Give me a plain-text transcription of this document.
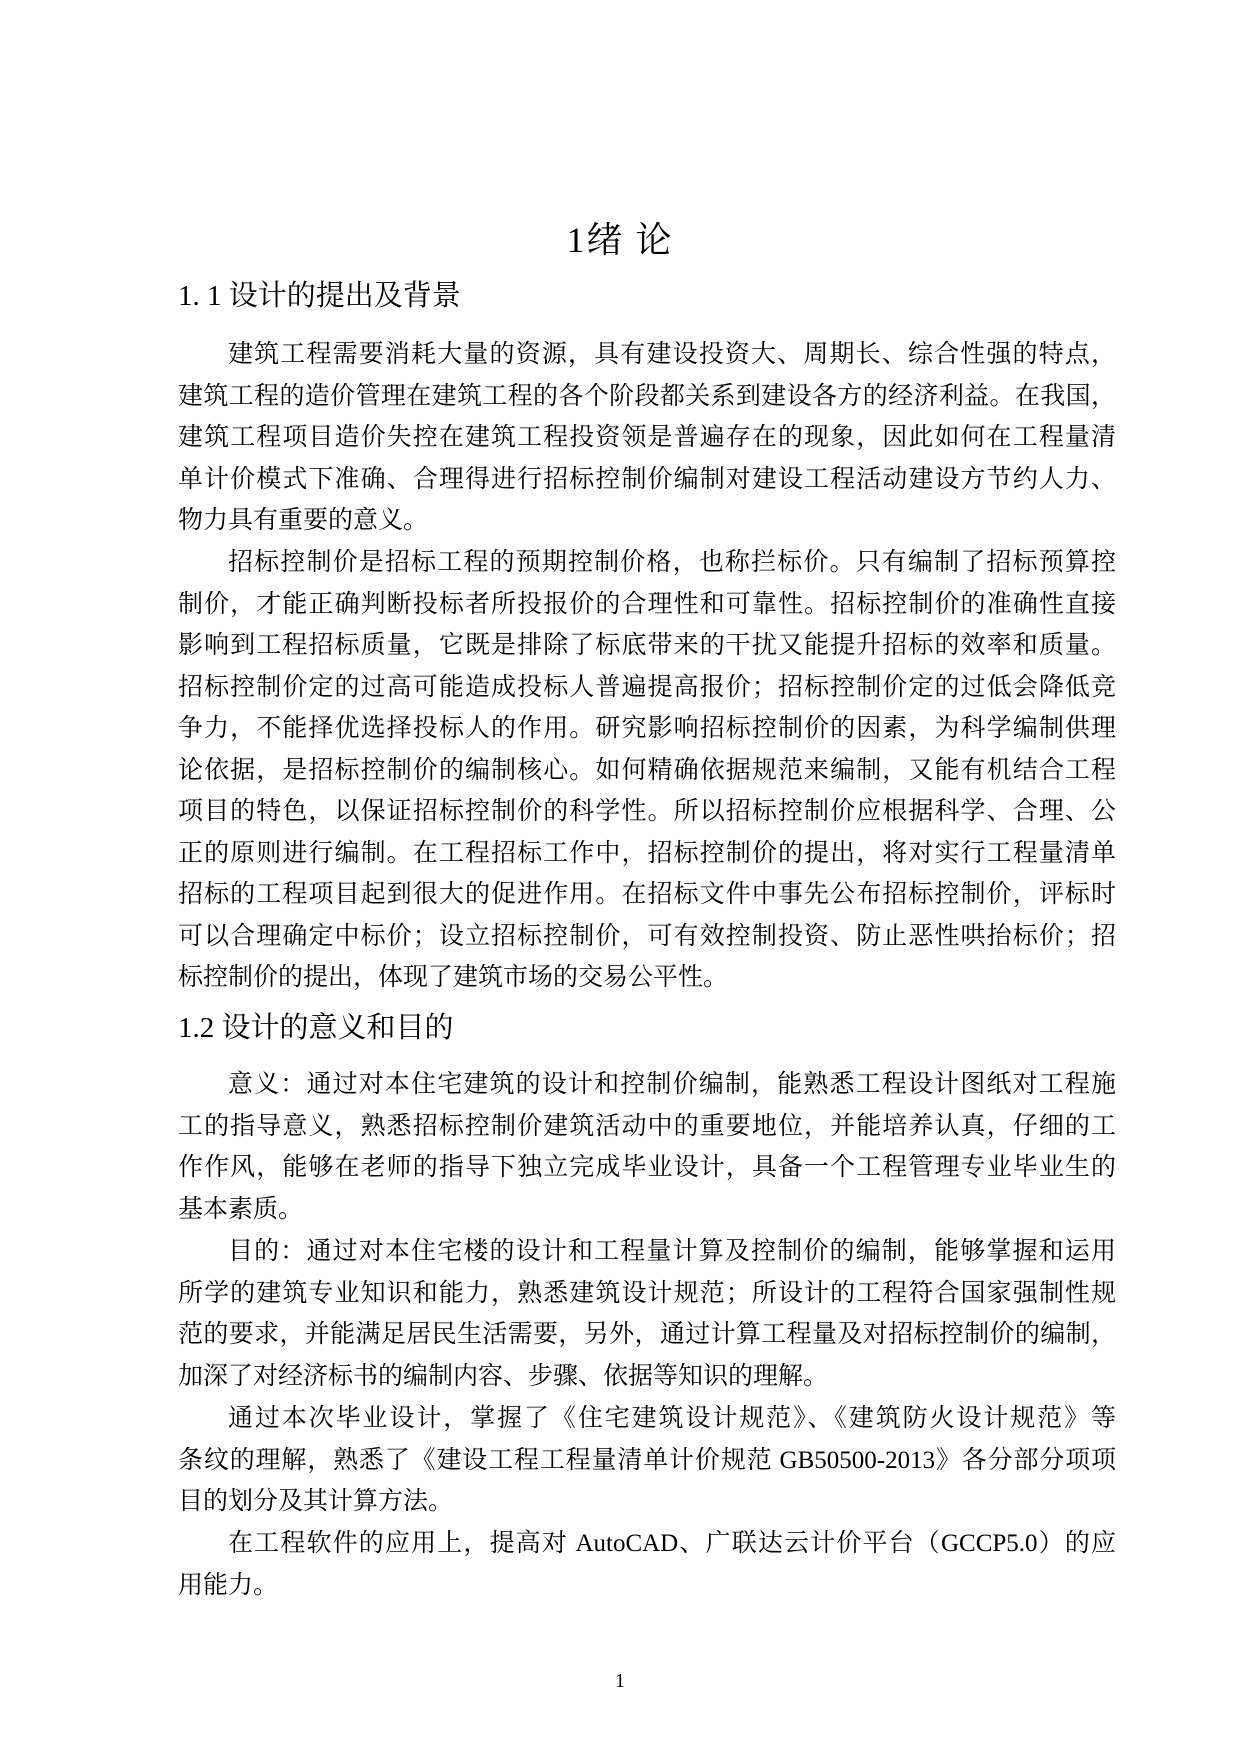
1绪 论
1. 1 设计的提出及背景
建筑工程需要消耗大量的资源，具有建设投资大、周期长、综合性强的特点，
建筑工程的造价管理在建筑工程的各个阶段都关系到建设各方的经济利益。在我国，
建筑工程项目造价失控在建筑工程投资领是普遍存在的现象，因此如何在工程量清
单计价模式下准确、合理得进行招标控制价编制对建设工程活动建设方节约人力、
物力具有重要的意义。
招标控制价是招标工程的预期控制价格，也称拦标价。只有编制了招标预算控
制价，才能正确判断投标者所投报价的合理性和可靠性。招标控制价的准确性直接
影响到工程招标质量，它既是排除了标底带来的干扰又能提升招标的效率和质量。
招标控制价定的过高可能造成投标人普遍提高报价；招标控制价定的过低会降低竞
争力，不能择优选择投标人的作用。研究影响招标控制价的因素，为科学编制供理
论依据，是招标控制价的编制核心。如何精确依据规范来编制，又能有机结合工程
项目的特色，以保证招标控制价的科学性。所以招标控制价应根据科学、合理、公
正的原则进行编制。在工程招标工作中，招标控制价的提出，将对实行工程量清单
招标的工程项目起到很大的促进作用。在招标文件中事先公布招标控制价，评标时
可以合理确定中标价；设立招标控制价，可有效控制投资、防止恶性哄抬标价；招
标控制价的提出，体现了建筑市场的交易公平性。
1.2 设计的意义和目的
意义：通过对本住宅建筑的设计和控制价编制，能熟悉工程设计图纸对工程施
工的指导意义，熟悉招标控制价建筑活动中的重要地位，并能培养认真，仔细的工
作作风，能够在老师的指导下独立完成毕业设计，具备一个工程管理专业毕业生的
基本素质。
目的：通过对本住宅楼的设计和工程量计算及控制价的编制，能够掌握和运用
所学的建筑专业知识和能力，熟悉建筑设计规范；所设计的工程符合国家强制性规
范的要求，并能满足居民生活需要，另外，通过计算工程量及对招标控制价的编制，
加深了对经济标书的编制内容、步骤、依据等知识的理解。
通过本次毕业设计，掌握了《住宅建筑设计规范》、《建筑防火设计规范》等
条纹的理解，熟悉了《建设工程工程量清单计价规范 GB50500-2013》各分部分项项
目的划分及其计算方法。
在工程软件的应用上，提高对 AutoCAD、广联达云计价平台（GCCP5.0）的应
用能力。
1
